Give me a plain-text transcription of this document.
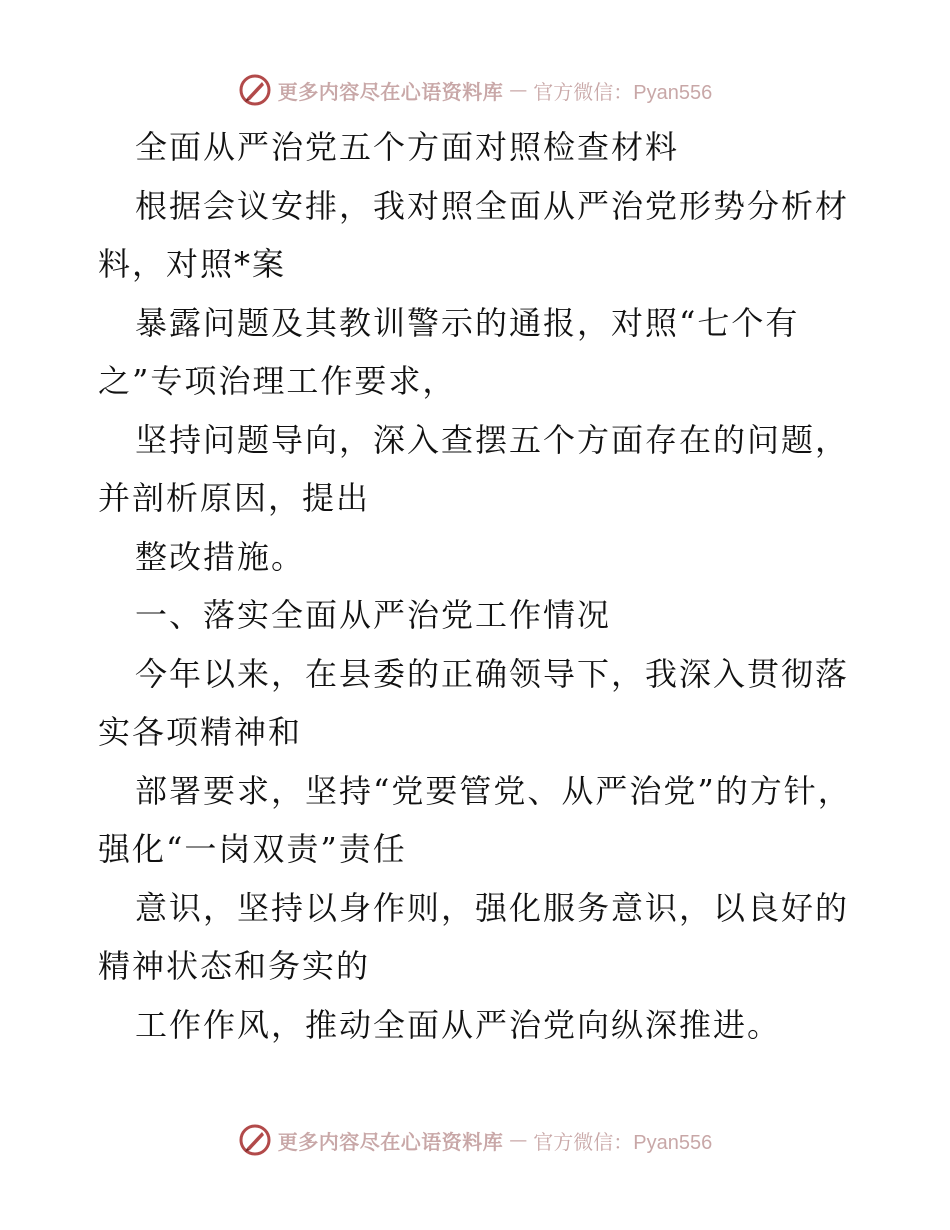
更多内容尽在心语资料库 — 官方微信：Pyan556

全面从严治党五个方面对照检查材料

根据会议安排，我对照全面从严治党形势分析材料，对照*案

暴露问题及其教训警示的通报，对照“七个有之”专项治理工作要求，

坚持问题导向，深入查摆五个方面存在的问题，并剖析原因，提出

整改措施。

一、落实全面从严治党工作情况

今年以来，在县委的正确领导下，我深入贯彻落实各项精神和

部署要求，坚持“党要管党、从严治党”的方针，强化“一岗双责”责任

意识，坚持以身作则，强化服务意识，以良好的精神状态和务实的

工作作风，推动全面从严治党向纵深推进。

更多内容尽在心语资料库 — 官方微信：Pyan556
